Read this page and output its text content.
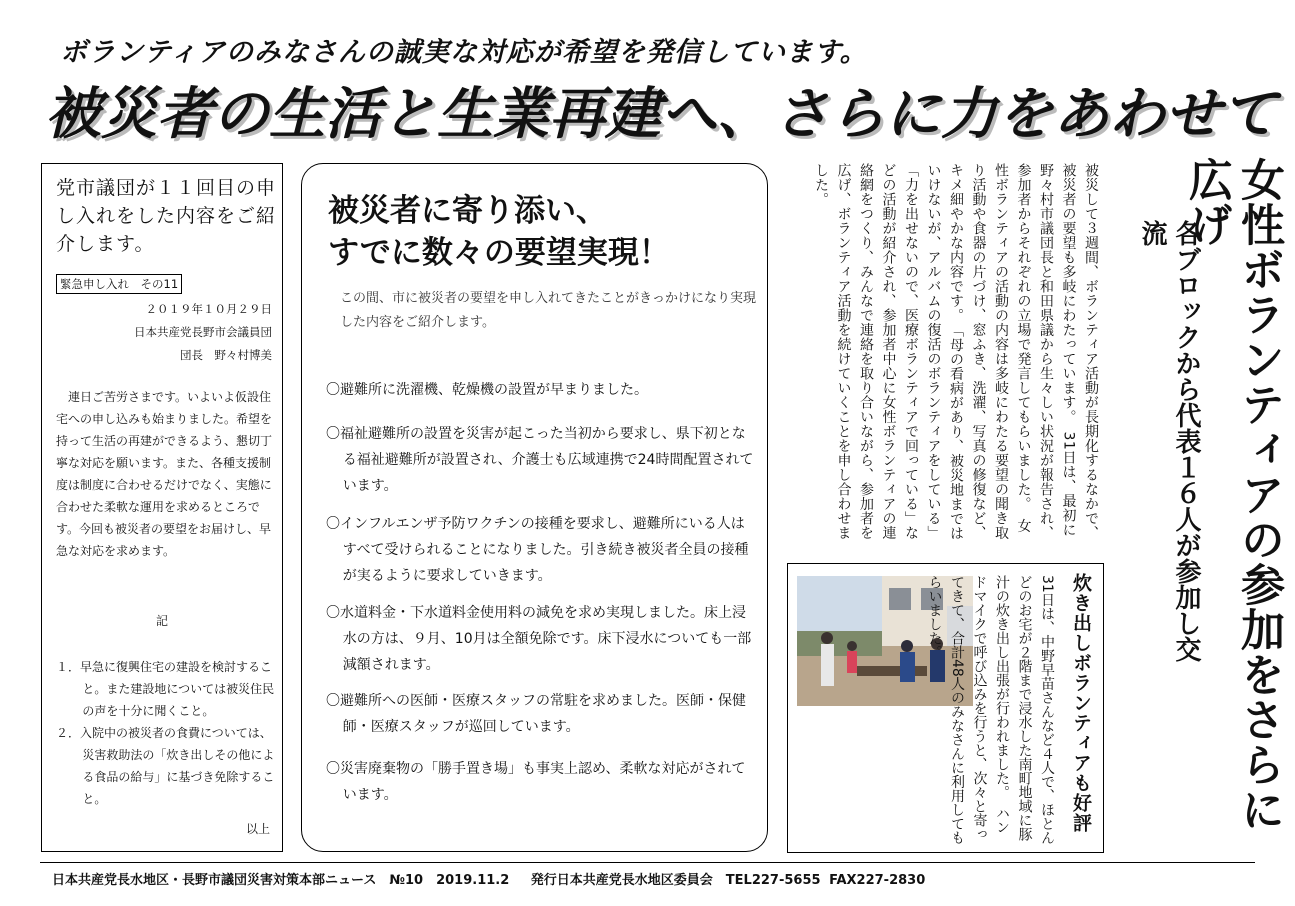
ボランティアのみなさんの誠実な対応が希望を発信しています。
被災者の生活と生業再建へ、さらに力をあわせて
党市議団が１１回目の申し入れをした内容をご紹介します。
緊急申し入れ　その11
２０１９年１０月２９日
日本共産党長野市会議員団
団長　野々村博美
連日ご苦労さまです。いよいよ仮設住宅への申し込みも始まりました。希望を持って生活の再建ができるよう、懇切丁寧な対応を願います。また、各種支援制度は制度に合わせるだけでなく、実態に合わせた柔軟な運用を求めるところです。今回も被災者の要望をお届けし、早急な対応を求めます。
記
１．早急に復興住宅の建設を検討すること。また建設地については被災住民の声を十分に聞くこと。
２．入院中の被災者の食費については、災害救助法の「炊き出しその他による食品の給与」に基づき免除すること。
以上
被災者に寄り添い、
すでに数々の要望実現！
この間、市に被災者の要望を申し入れてきたことがきっかけになり実現した内容をご紹介します。
〇避難所に洗濯機、乾燥機の設置が早まりました。
〇福祉避難所の設置を災害が起こった当初から要求し、県下初となる福祉避難所が設置され、介護士も広域連携で24時間配置されています。
〇インフルエンザ予防ワクチンの接種を要求し、避難所にいる人はすべて受けられることになりました。引き続き被災者全員の接種が実るように要求していきます。
〇水道料金・下水道料金使用料の減免を求め実現しました。床上浸水の方は、９月、10月は全額免除です。床下浸水についても一部減額されます。
〇避難所への医師・医療スタッフの常駐を求めました。医師・保健師・医療スタッフが巡回しています。
〇災害廃棄物の「勝手置き場」も事実上認め、柔軟な対応がされています。	女性ボランティアの参加をさらに広げ
各ブロックから代表１６人が参加し交流
被災して３週間、ボランティア活動が長期化するなかで、被災者の要望も多岐にわたっています。　31日は、最初に野々村市議団長と和田県議から生々しい状況が報告され、参加者からそれぞれの立場で発言してもらいました。　女性ボランティアの活動の内容は多岐にわたる要望の聞き取り活動や食器の片づけ、窓ふき、洗濯、写真の修復など、キメ細やかな内容です。　「母の看病があり、被災地まではいけないが、アルバムの復活のボランティアをしている」「力を出せないので、医療ボランティアで回っている」などの活動が紹介され、参加者中心に女性ボランティアの連絡網をつくり、みんなで連絡を取り合いながら、参加者を広げ、ボランティア活動を続けていくことを申し合わせました。
炊き出しボランティアも好評
31日は、中野早苗さんなど４人で、ほとんどのお宅が２階まで浸水した南町地域に豚汁の炊き出し出張が行われました。　ハンドマイクで呼び込みを行うと、次々と寄ってきて、合計48人のみなさんに利用してもらいました。
日本共産党長水地区・長野市議団災害対策本部ニュース　№10　2019.11.2　 発行日本共産党長水地区委員会　TEL227-5655 FAX227-2830
